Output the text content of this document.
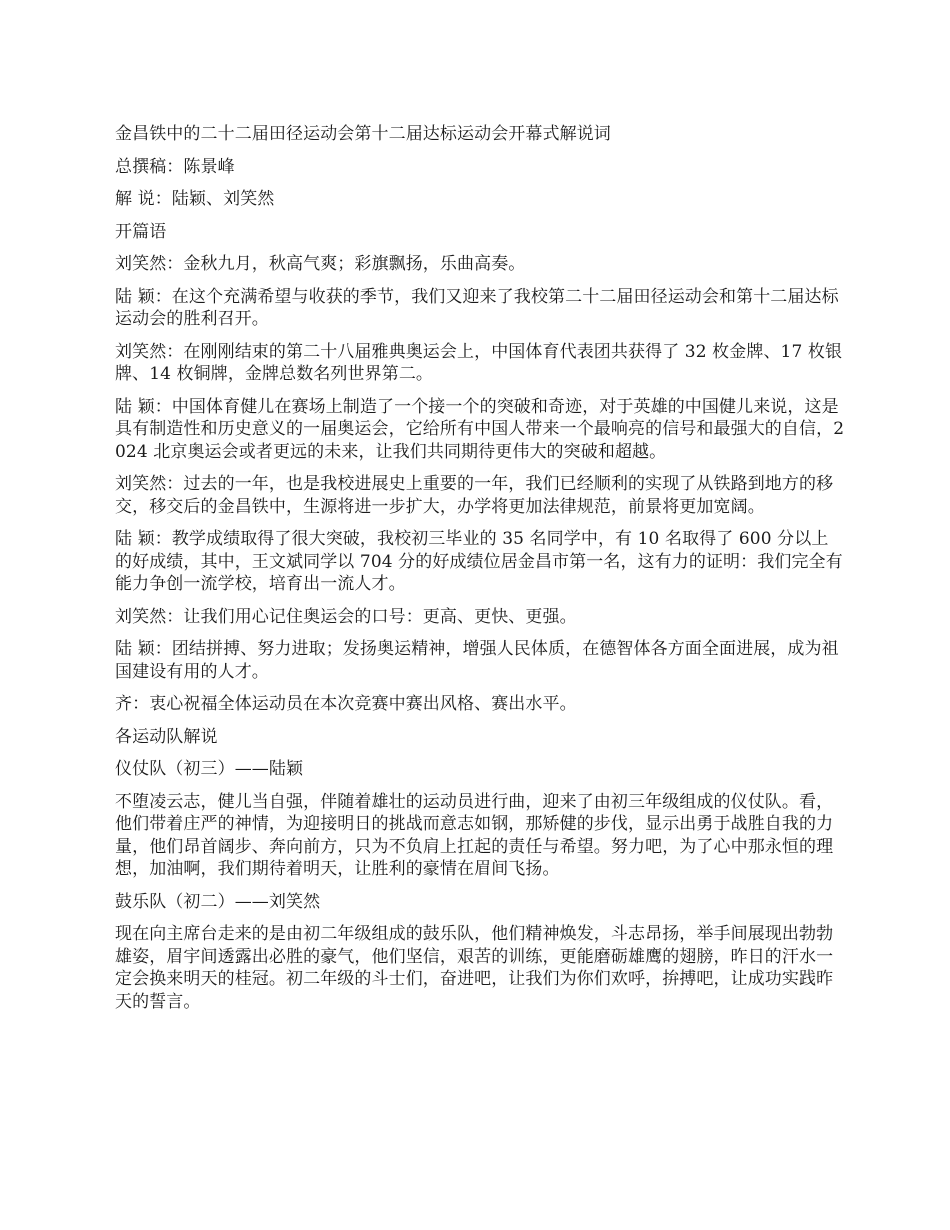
金昌铁中的二十二届田径运动会第十二届达标运动会开幕式解说词

总撰稿：陈景峰

解 说：陆颖、刘笑然

开篇语

刘笑然：金秋九月，秋高气爽；彩旗飘扬，乐曲高奏。

陆 颖：在这个充满希望与收获的季节，我们又迎来了我校第二十二届田径运动会和第十二届达标运动会的胜利召开。

刘笑然：在刚刚结束的第二十八届雅典奥运会上，中国体育代表团共获得了 32 枚金牌、17 枚银牌、14 枚铜牌，金牌总数名列世界第二。

陆 颖：中国体育健儿在赛场上制造了一个接一个的突破和奇迹，对于英雄的中国健儿来说，这是具有制造性和历史意义的一届奥运会，它给所有中国人带来一个最响亮的信号和最强大的自信，2024 北京奥运会或者更远的未来，让我们共同期待更伟大的突破和超越。

刘笑然：过去的一年，也是我校进展史上重要的一年，我们已经顺利的实现了从铁路到地方的移交，移交后的金昌铁中，生源将进一步扩大，办学将更加法律规范，前景将更加宽阔。

陆 颖：教学成绩取得了很大突破，我校初三毕业的 35 名同学中，有 10 名取得了 600 分以上的好成绩，其中，王文斌同学以 704 分的好成绩位居金昌市第一名，这有力的证明：我们完全有能力争创一流学校，培育出一流人才。

刘笑然：让我们用心记住奥运会的口号：更高、更快、更强。

陆 颖：团结拼搏、努力进取；发扬奥运精神，增强人民体质，在德智体各方面全面进展，成为祖国建设有用的人才。

齐：衷心祝福全体运动员在本次竞赛中赛出风格、赛出水平。

各运动队解说

仪仗队（初三）——陆颖

不堕凌云志，健儿当自强，伴随着雄壮的运动员进行曲，迎来了由初三年级组成的仪仗队。看，他们带着庄严的神情，为迎接明日的挑战而意志如钢，那矫健的步伐，显示出勇于战胜自我的力量，他们昂首阔步、奔向前方，只为不负肩上扛起的责任与希望。努力吧，为了心中那永恒的理想，加油啊，我们期待着明天，让胜利的豪情在眉间飞扬。

鼓乐队（初二）——刘笑然

现在向主席台走来的是由初二年级组成的鼓乐队，他们精神焕发，斗志昂扬，举手间展现出勃勃雄姿，眉宇间透露出必胜的豪气，他们坚信，艰苦的训练，更能磨砺雄鹰的翅膀，昨日的汗水一定会换来明天的桂冠。初二年级的斗士们，奋进吧，让我们为你们欢呼，拚搏吧，让成功实践昨天的誓言。
